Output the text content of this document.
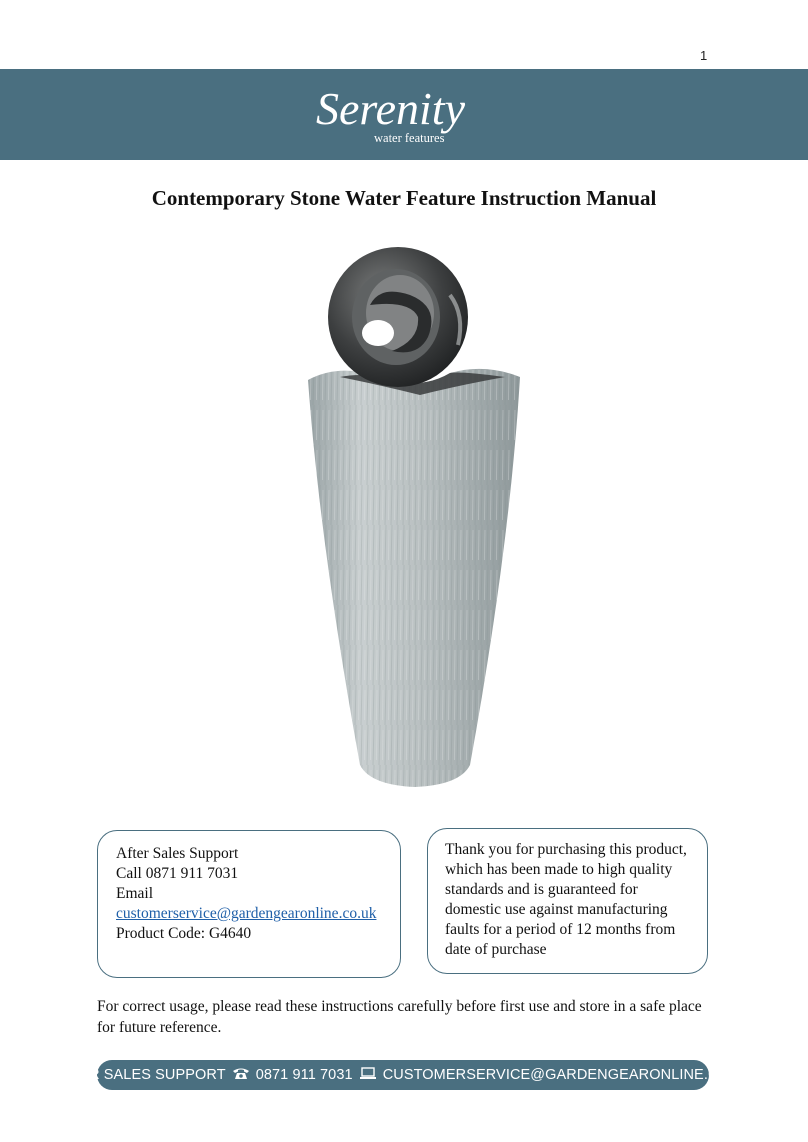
1
Serenity
water features
Contemporary Stone Water Feature Instruction Manual

After Sales Support

Call 0871 911 7031

Email

customerservice@gardengearonline.co.uk

Product Code: G4640

Thank you for purchasing this product, which has been made to high quality standards and is guaranteed for domestic use against manufacturing faults for a period of 12 months from date of purchase

For correct usage, please read these instructions carefully before first use and store in a safe place for future reference.
AFTER SALES SUPPORT 0871 911 7031 CUSTOMERSERVICE@GARDENGEARONLINE.CO.UK
